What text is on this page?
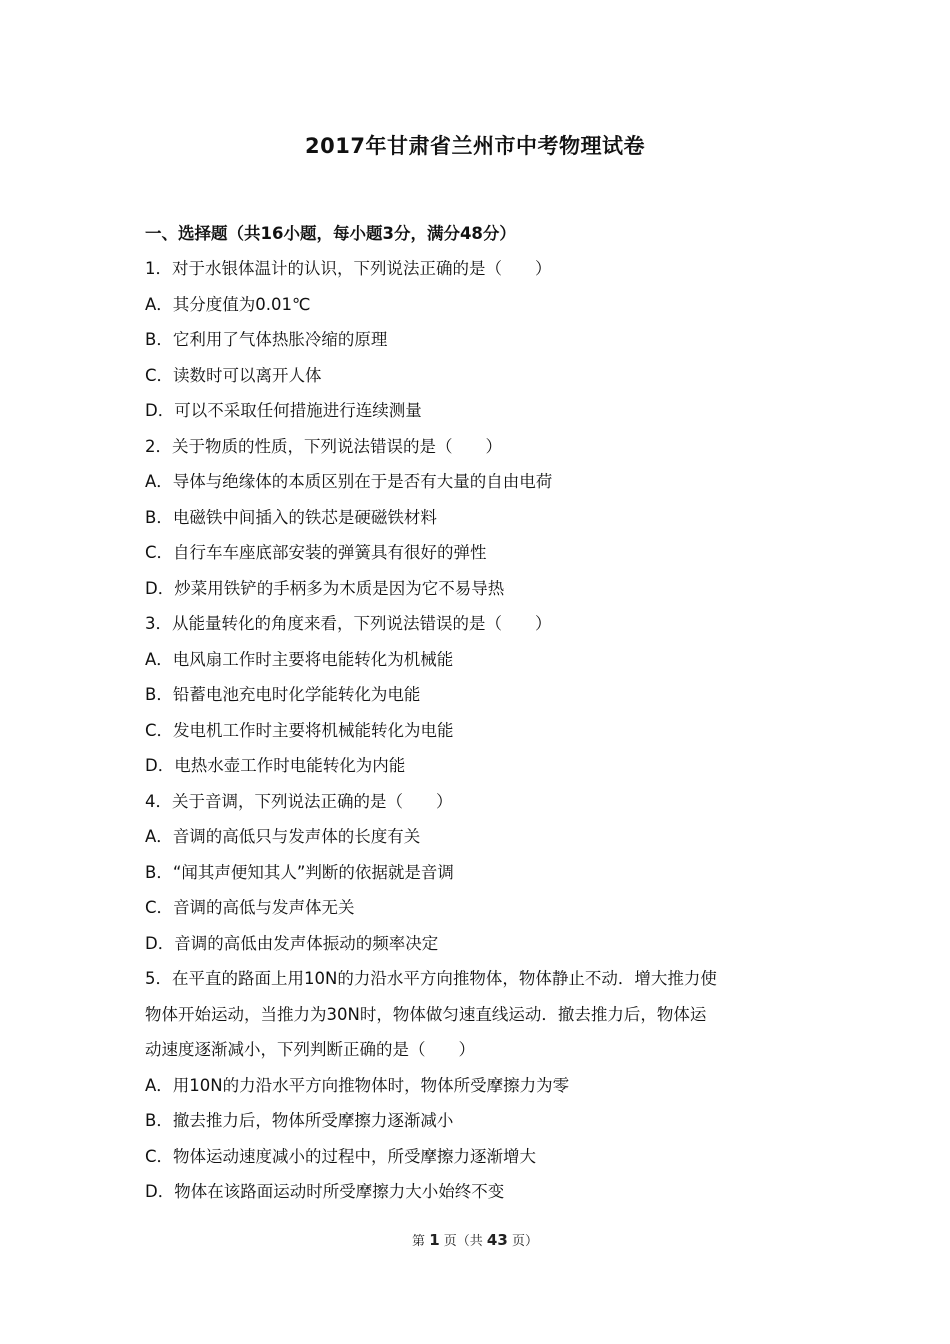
2017年甘肃省兰州市中考物理试卷
一、选择题（共16小题，每小题3分，满分48分）
1．对于水银体温计的认识，下列说法正确的是（　　）
A．其分度值为0.01℃
B．它利用了气体热胀冷缩的原理
C．读数时可以离开人体
D．可以不采取任何措施进行连续测量
2．关于物质的性质，下列说法错误的是（　　）
A．导体与绝缘体的本质区别在于是否有大量的自由电荷
B．电磁铁中间插入的铁芯是硬磁铁材料
C．自行车车座底部安装的弹簧具有很好的弹性
D．炒菜用铁铲的手柄多为木质是因为它不易导热
3．从能量转化的角度来看，下列说法错误的是（　　）
A．电风扇工作时主要将电能转化为机械能
B．铅蓄电池充电时化学能转化为电能
C．发电机工作时主要将机械能转化为电能
D．电热水壶工作时电能转化为内能
4．关于音调，下列说法正确的是（　　）
A．音调的高低只与发声体的长度有关
B．“闻其声便知其人”判断的依据就是音调
C．音调的高低与发声体无关
D．音调的高低由发声体振动的频率决定
5．在平直的路面上用10N的力沿水平方向推物体，物体静止不动．增大推力使
物体开始运动，当推力为30N时，物体做匀速直线运动．撤去推力后，物体运
动速度逐渐减小，下列判断正确的是（　　）
A．用10N的力沿水平方向推物体时，物体所受摩擦力为零
B．撤去推力后，物体所受摩擦力逐渐减小
C．物体运动速度减小的过程中，所受摩擦力逐渐增大
D．物体在该路面运动时所受摩擦力大小始终不变
第 1 页（共 43 页）
